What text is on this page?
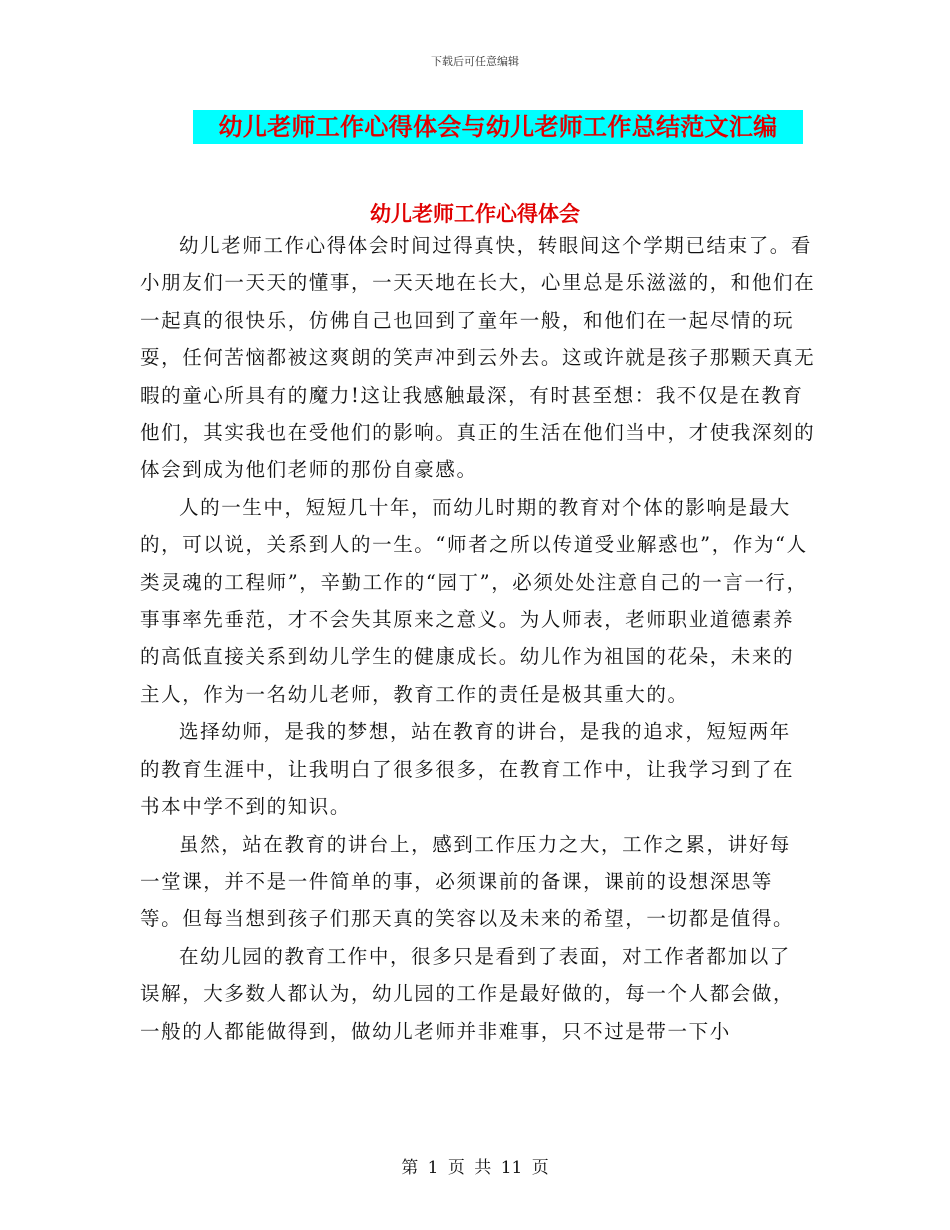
下载后可任意编辑
幼儿老师工作心得体会与幼儿老师工作总结范文汇编
幼儿老师工作心得体会

幼儿老师工作心得体会时间过得真快，转眼间这个学期已结束了。看小朋友们一天天的懂事，一天天地在长大，心里总是乐滋滋的，和他们在一起真的很快乐，仿佛自己也回到了童年一般，和他们在一起尽情的玩耍，任何苦恼都被这爽朗的笑声冲到云外去。这或许就是孩子那颗天真无暇的童心所具有的魔力!这让我感触最深，有时甚至想：我不仅是在教育他们，其实我也在受他们的影响。真正的生活在他们当中，才使我深刻的体会到成为他们老师的那份自豪感。

人的一生中，短短几十年，而幼儿时期的教育对个体的影响是最大的，可以说，关系到人的一生。“师者之所以传道受业解惑也”，作为“人类灵魂的工程师”，辛勤工作的“园丁”，必须处处注意自己的一言一行，事事率先垂范，才不会失其原来之意义。为人师表，老师职业道德素养的高低直接关系到幼儿学生的健康成长。幼儿作为祖国的花朵，未来的主人，作为一名幼儿老师，教育工作的责任是极其重大的。

选择幼师，是我的梦想，站在教育的讲台，是我的追求，短短两年的教育生涯中，让我明白了很多很多，在教育工作中，让我学习到了在书本中学不到的知识。

虽然，站在教育的讲台上，感到工作压力之大，工作之累，讲好每一堂课，并不是一件简单的事，必须课前的备课，课前的设想深思等等。但每当想到孩子们那天真的笑容以及未来的希望，一切都是值得。

在幼儿园的教育工作中，很多只是看到了表面，对工作者都加以了误解，大多数人都认为，幼儿园的工作是最好做的，每一个人都会做，一般的人都能做得到，做幼儿老师并非难事，只不过是带一下小

第 1 页 共 11 页
